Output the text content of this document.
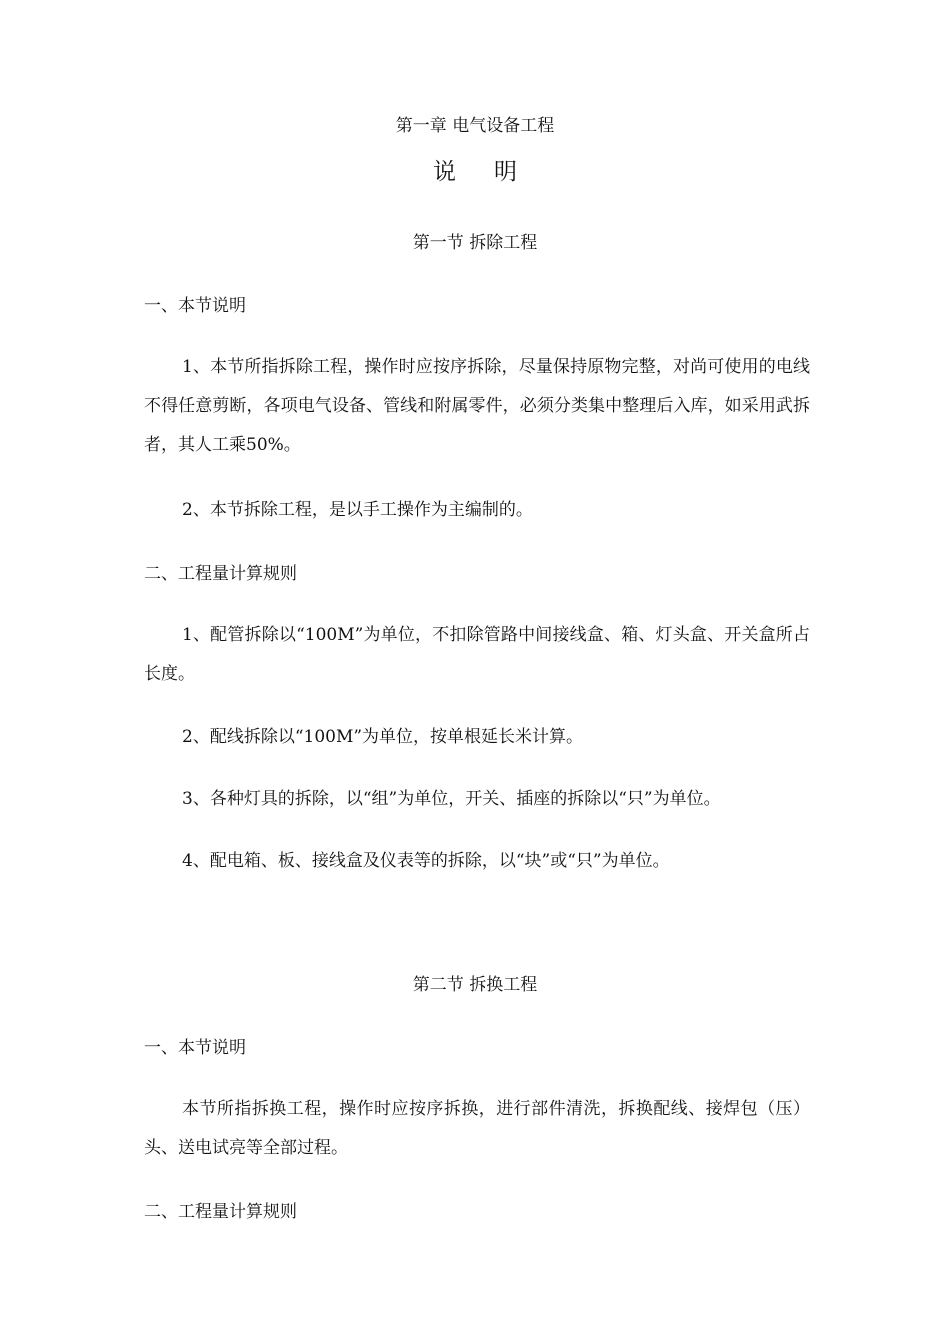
第一章 电气设备工程
说明
第一节 拆除工程
一、本节说明

1、本节所指拆除工程，操作时应按序拆除，尽量保持原物完整，对尚可使用的电线不得任意剪断，各项电气设备、管线和附属零件，必须分类集中整理后入库，如采用武拆者，其人工乘50%。

2、本节拆除工程，是以手工操作为主编制的。

二、工程量计算规则

1、配管拆除以“100M”为单位，不扣除管路中间接线盒、箱、灯头盒、开关盒所占长度。

2、配线拆除以“100M”为单位，按单根延长米计算。

3、各种灯具的拆除，以“组”为单位，开关、插座的拆除以“只”为单位。

4、配电箱、板、接线盒及仪表等的拆除，以“块”或“只”为单位。

第二节 拆换工程
一、本节说明

本节所指拆换工程，操作时应按序拆换，进行部件清洗，拆换配线、接焊包（压）头、送电试亮等全部过程。

二、工程量计算规则
